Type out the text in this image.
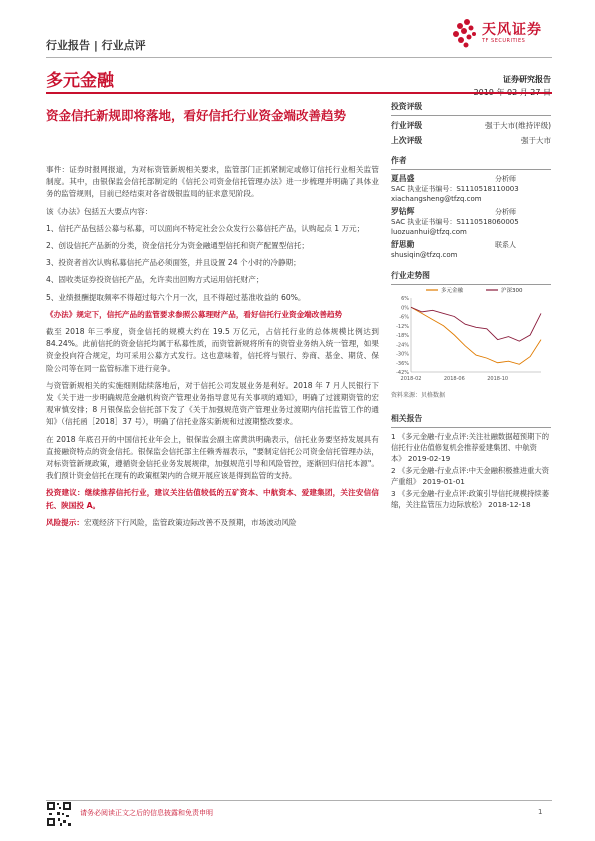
行业报告 | 行业点评
天风证券
TF SECURITIES
多元金融	证券研究报告
资金信托新规即将落地，看好信托行业资金端改善趋势

事件：证券时报网报道，为对标资管新规相关要求，监管部门正抓紧制定或修订信托行业相关监管制度。其中，由银保监会信托部制定的《信托公司资金信托管理办法》进一步梳理并明确了具体业务的监管规则，目前已经结束对各省级银监局的征求意见阶段。

该《办法》包括五大要点内容：

1、信托产品包括公募与私募，可以面向不特定社会公众发行公募信托产品，认购起点 1 万元；

2、创设信托产品新的分类，资金信托分为资金融通型信托和资产配置型信托；

3、投资者首次认购私募信托产品必须面签，并且设置 24 个小时的冷静期；

4、固收类证券投资信托产品，允许卖出回购方式运用信托财产；

5、业绩报酬提取频率不得超过每六个月一次，且不得超过基准收益的 60%。

《办法》规定下，信托产品的监管要求参照公募理财产品，看好信托行业资金端改善趋势

截至 2018 年三季度，资金信托的规模大约在 19.5 万亿元，占信托行业的总体规模比例达到 84.24%。此前信托的资金信托均属于私募性质，而资管新规将所有的资管业务纳入统一管理，如果资金投向符合规定，均可采用公募方式发行。这也意味着，信托将与银行、券商、基金、期货、保险公司等在同一监管标准下进行竞争。

与资管新规相关的实施细则陆续落地后，对于信托公司发展业务是利好。2018 年 7 月人民银行下发《关于进一步明确规范金融机构资产管理业务指导意见有关事项的通知》，明确了过渡期资管的宏观审慎安排；8 月银保监会信托部下发了《关于加强规范资产管理业务过渡期内信托监管工作的通知》（信托函［2018］37 号），明确了信托业落实新规和过渡期整改要求。

在 2018 年底召开的中国信托业年会上，银保监会副主席黄洪明确表示，信托业务要坚持发展具有直接融资特点的资金信托。银保监会信托部主任赖秀福表示，"要制定信托公司资金信托管理办法，对标资管新规政策，遵循资金信托业务发展规律，加强规范引导和风险管控，逐渐回归信托本源"。我们预计资金信托在现有的政策框架内的合规开展应该是得到监管的支持。

投资建议：继续推荐信托行业，建议关注估值较低的五矿资本、中航资本、爱建集团，关注安信信托、陕国投 A。

风险提示：宏观经济下行风险，监管政策边际改善不及预期，市场波动风险

投资评级
行业评级	强于大市(维持评级)
上次评级	强于大市
作者
夏昌盛	分析师
SAC 执业证书编号：S1110518110003
xiachangsheng@tfzq.com
罗钻辉	分析师
SAC 执业证书编号：S1110518060005
luozuanhui@tfzq.com
舒思勤	联系人
shusiqin@tfzq.com
行业走势图
6%
0%
-6%
-12%
-18%
-24%
-30%
-36%
-42%
2018-02	2018-06	2018-10
多元金融	沪深300
资料来源：贝格数据
相关报告
1 《多元金融-行业点评:关注社融数据超预期下的信托行业估值修复机会推荐爱建集团、中航资本》 2019-02-19
2 《多元金融-行业点评:中天金融积极推进重大资产重组》 2019-01-01
3 《多元金融-行业点评:政策引导信托规模持续萎缩，关注监管压力边际放松》 2018-12-18
请务必阅读正文之后的信息披露和免责申明	1
